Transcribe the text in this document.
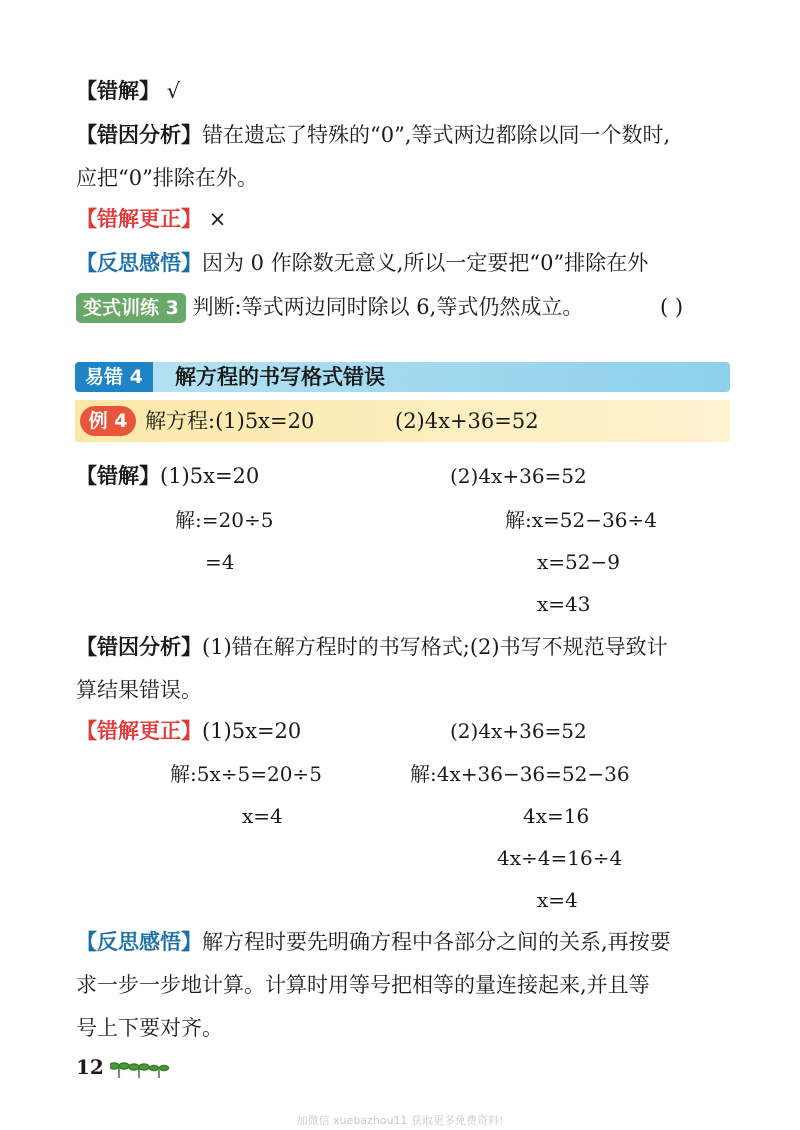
【错解】 √
【错因分析】错在遗忘了特殊的“0”,等式两边都除以同一个数时,
应把“0”排除在外。
【错解更正】 ×
【反思感悟】因为 0 作除数无意义,所以一定要把“0”排除在外
变式训练 3 判断:等式两边同时除以 6,等式仍然成立。	( )
易错 4	解方程的书写格式错误
例 4 解方程:(1)5x=20	(2)4x+36=52
【错解】(1)5x=20	(2)4x+36=52
解:=20÷5
=4
解:x=52−36÷4
x=52−9
x=43
【错因分析】(1)错在解方程时的书写格式;(2)书写不规范导致计
算结果错误。
【错解更正】(1)5x=20	(2)4x+36=52
解:5x÷5=20÷5
x=4
解:4x+36−36=52−36
4x=16
4x÷4=16÷4
x=4
【反思感悟】解方程时要先明确方程中各部分之间的关系,再按要
求一步一步地计算。计算时用等号把相等的量连接起来,并且等
号上下要对齐。
12
加微信 xuebazhou11 获取更多免费资料!
